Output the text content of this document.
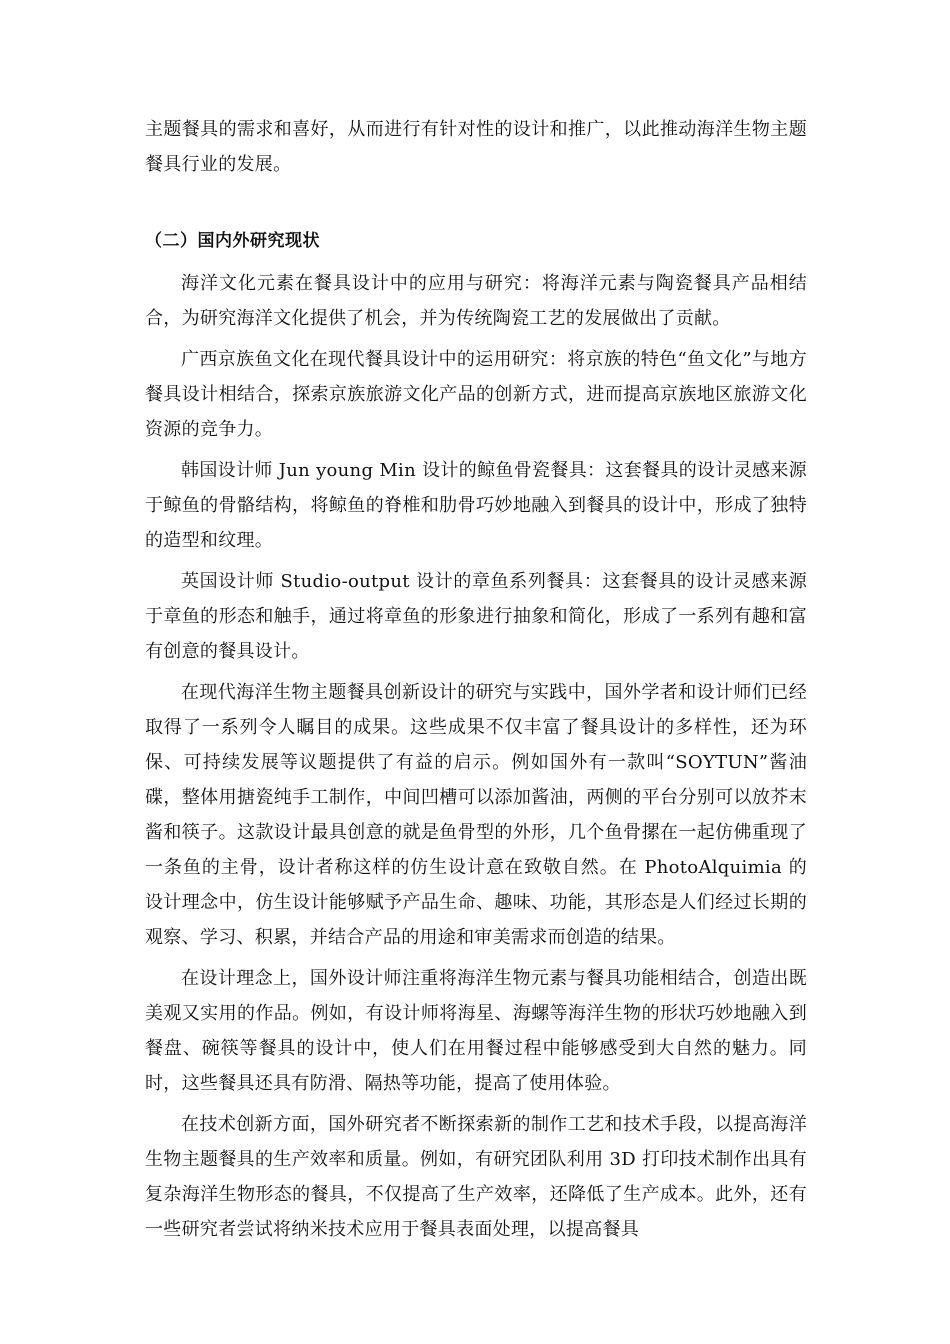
主题餐具的需求和喜好，从而进行有针对性的设计和推广，以此推动海洋生物主题餐具行业的发展。

（二）国内外研究现状

海洋文化元素在餐具设计中的应用与研究：将海洋元素与陶瓷餐具产品相结合，为研究海洋文化提供了机会，并为传统陶瓷工艺的发展做出了贡献。

广西京族鱼文化在现代餐具设计中的运用研究：将京族的特色“鱼文化”与地方餐具设计相结合，探索京族旅游文化产品的创新方式，进而提高京族地区旅游文化资源的竞争力。

韩国设计师 Jun young Min 设计的鲸鱼骨瓷餐具：这套餐具的设计灵感来源于鲸鱼的骨骼结构，将鲸鱼的脊椎和肋骨巧妙地融入到餐具的设计中，形成了独特的造型和纹理。

英国设计师 Studio-output 设计的章鱼系列餐具：这套餐具的设计灵感来源于章鱼的形态和触手，通过将章鱼的形象进行抽象和简化，形成了一系列有趣和富有创意的餐具设计。

在现代海洋生物主题餐具创新设计的研究与实践中，国外学者和设计师们已经取得了一系列令人瞩目的成果。这些成果不仅丰富了餐具设计的多样性，还为环保、可持续发展等议题提供了有益的启示。例如国外有一款叫“SOYTUN”酱油碟，整体用搪瓷纯手工制作，中间凹槽可以添加酱油，两侧的平台分别可以放芥末酱和筷子。这款设计最具创意的就是鱼骨型的外形，几个鱼骨摞在一起仿佛重现了一条鱼的主骨，设计者称这样的仿生设计意在致敬自然。在 PhotoAlquimia 的设计理念中，仿生设计能够赋予产品生命、趣味、功能，其形态是人们经过长期的观察、学习、积累，并结合产品的用途和审美需求而创造的结果。

在设计理念上，国外设计师注重将海洋生物元素与餐具功能相结合，创造出既美观又实用的作品。例如，有设计师将海星、海螺等海洋生物的形状巧妙地融入到餐盘、碗筷等餐具的设计中，使人们在用餐过程中能够感受到大自然的魅力。同时，这些餐具还具有防滑、隔热等功能，提高了使用体验。

在技术创新方面，国外研究者不断探索新的制作工艺和技术手段，以提高海洋生物主题餐具的生产效率和质量。例如，有研究团队利用 3D 打印技术制作出具有复杂海洋生物形态的餐具，不仅提高了生产效率，还降低了生产成本。此外，还有一些研究者尝试将纳米技术应用于餐具表面处理，以提高餐具
